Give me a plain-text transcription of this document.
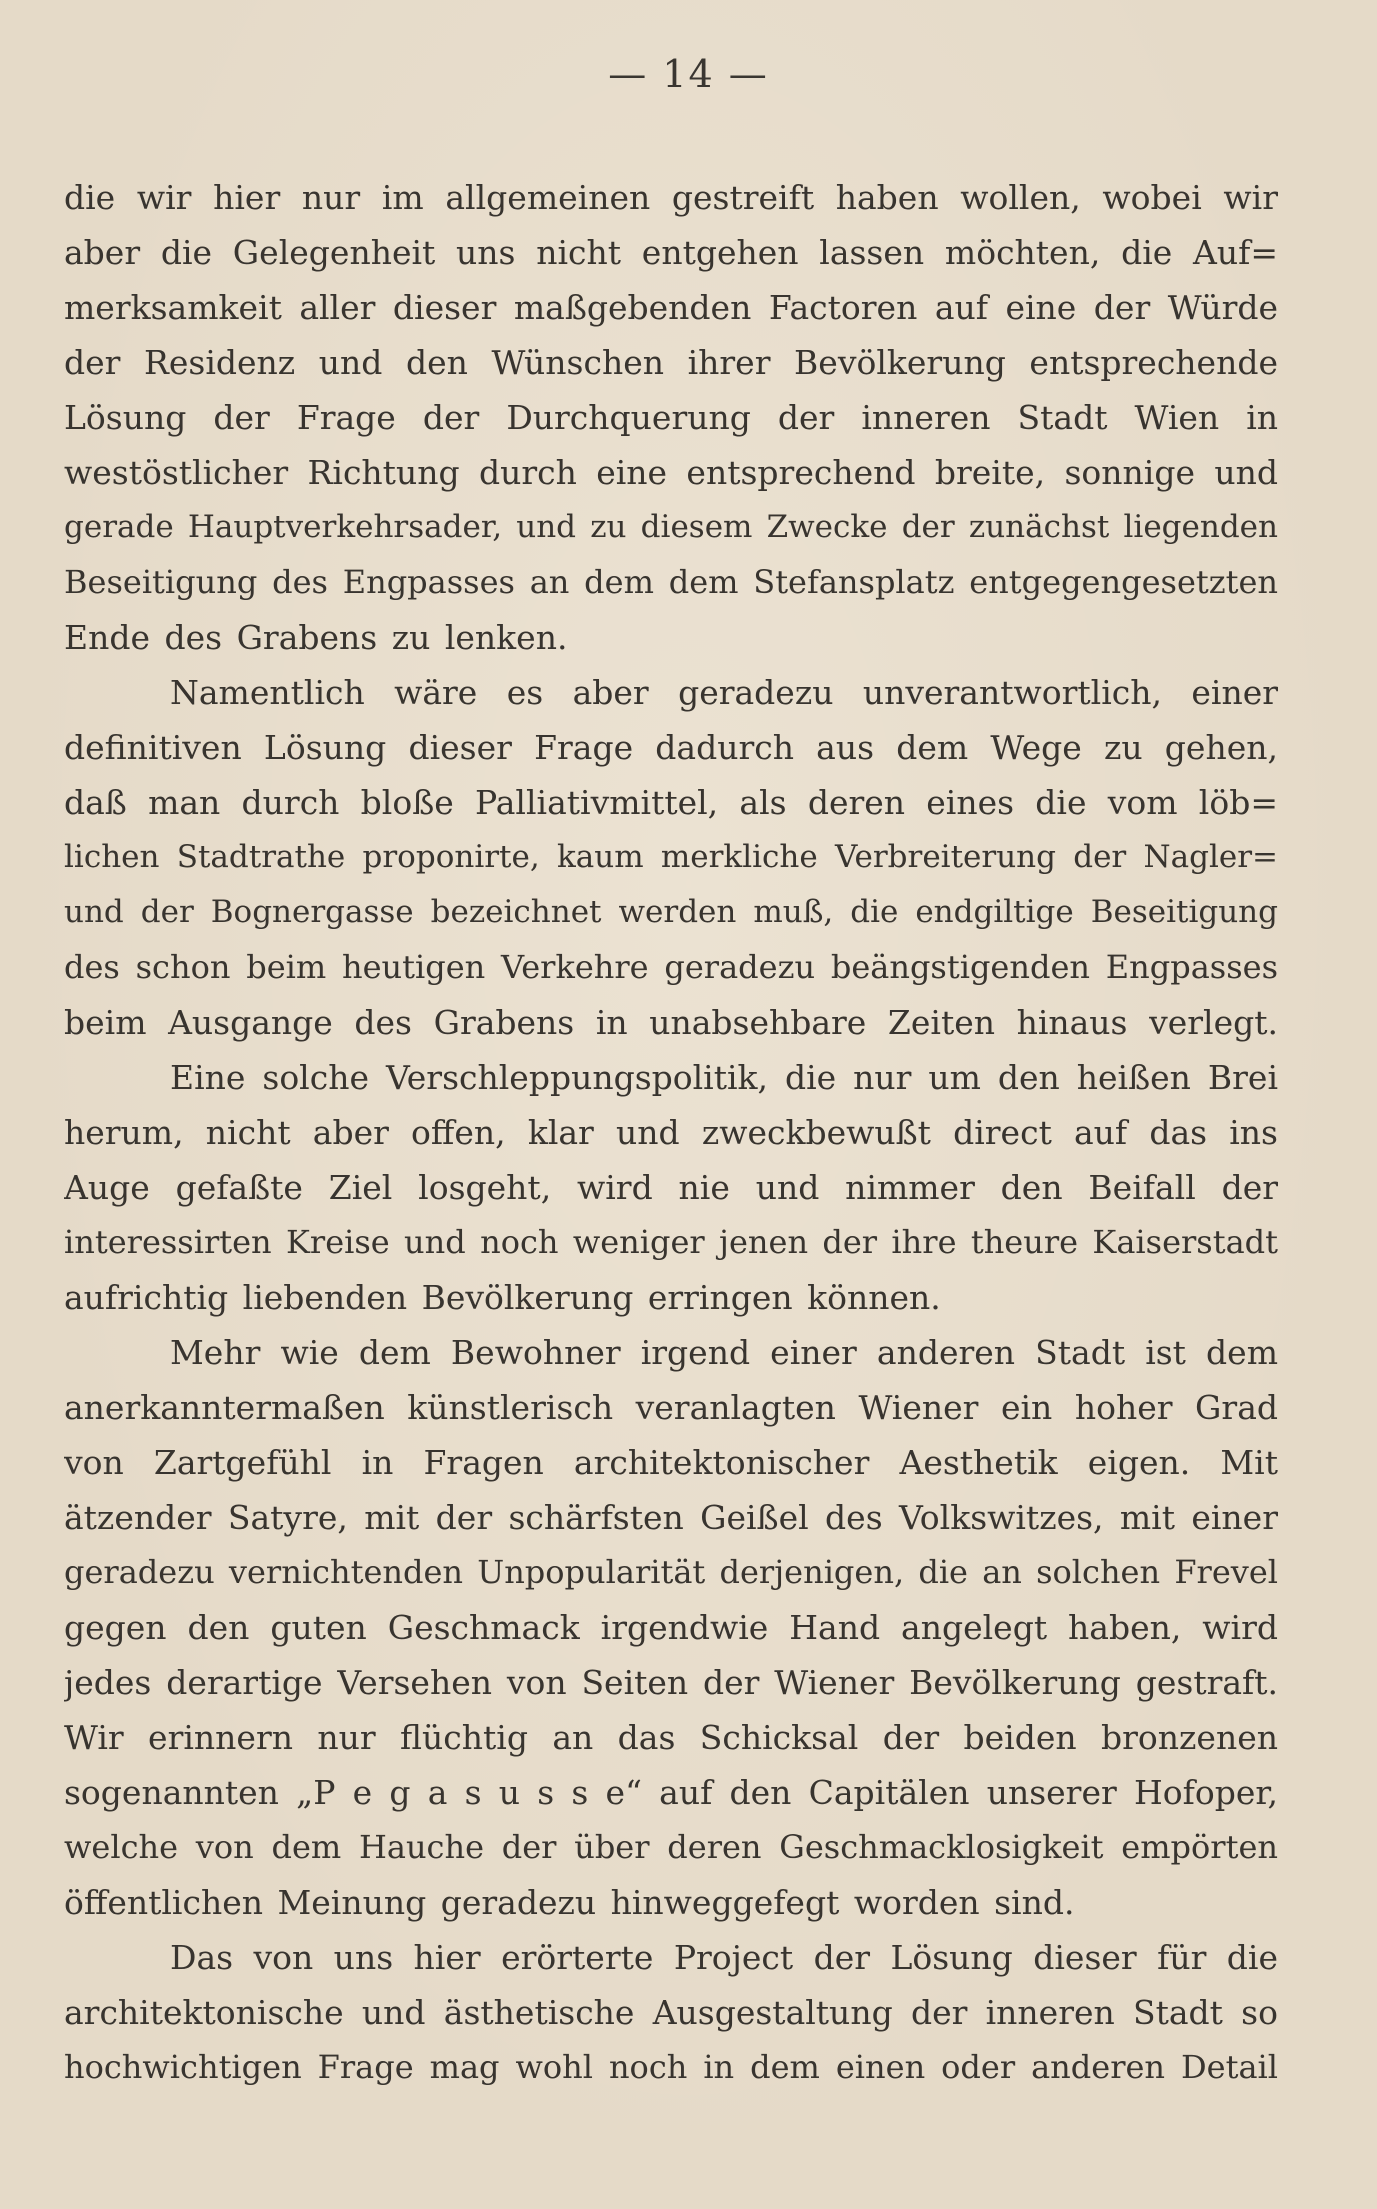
— 14 —
die wir hier nur im allgemeinen gestreift haben wollen, wobei wir
aber die Gelegenheit uns nicht entgehen lassen möchten, die Auf=
merksamkeit aller dieser maßgebenden Factoren auf eine der Würde
der Residenz und den Wünschen ihrer Bevölkerung entsprechende
Lösung der Frage der Durchquerung der inneren Stadt Wien in
westöstlicher Richtung durch eine entsprechend breite, sonnige und
gerade Hauptverkehrsader, und zu diesem Zwecke der zunächst liegenden
Beseitigung des Engpasses an dem dem Stefansplatz entgegengesetzten
Ende des Grabens zu lenken.
Namentlich wäre es aber geradezu unverantwortlich, einer
definitiven Lösung dieser Frage dadurch aus dem Wege zu gehen,
daß man durch bloße Palliativmittel, als deren eines die vom löb=
lichen Stadtrathe proponirte, kaum merkliche Verbreiterung der Nagler=
und der Bognergasse bezeichnet werden muß, die endgiltige Beseitigung
des schon beim heutigen Verkehre geradezu beängstigenden Engpasses
beim Ausgange des Grabens in unabsehbare Zeiten hinaus verlegt.
Eine solche Verschleppungspolitik, die nur um den heißen Brei
herum, nicht aber offen, klar und zweckbewußt direct auf das ins
Auge gefaßte Ziel losgeht, wird nie und nimmer den Beifall der
interessirten Kreise und noch weniger jenen der ihre theure Kaiserstadt
aufrichtig liebenden Bevölkerung erringen können.
Mehr wie dem Bewohner irgend einer anderen Stadt ist dem
anerkanntermaßen künstlerisch veranlagten Wiener ein hoher Grad
von Zartgefühl in Fragen architektonischer Aesthetik eigen. Mit
ätzender Satyre, mit der schärfsten Geißel des Volkswitzes, mit einer
geradezu vernichtenden Unpopularität derjenigen, die an solchen Frevel
gegen den guten Geschmack irgendwie Hand angelegt haben, wird
jedes derartige Versehen von Seiten der Wiener Bevölkerung gestraft.
Wir erinnern nur flüchtig an das Schicksal der beiden bronzenen
sogenannten „P e g a s u s s e“ auf den Capitälen unserer Hofoper,
welche von dem Hauche der über deren Geschmacklosigkeit empörten
öffentlichen Meinung geradezu hinweggefegt worden sind.
Das von uns hier erörterte Project der Lösung dieser für die
architektonische und ästhetische Ausgestaltung der inneren Stadt so
hochwichtigen Frage mag wohl noch in dem einen oder anderen Detail
